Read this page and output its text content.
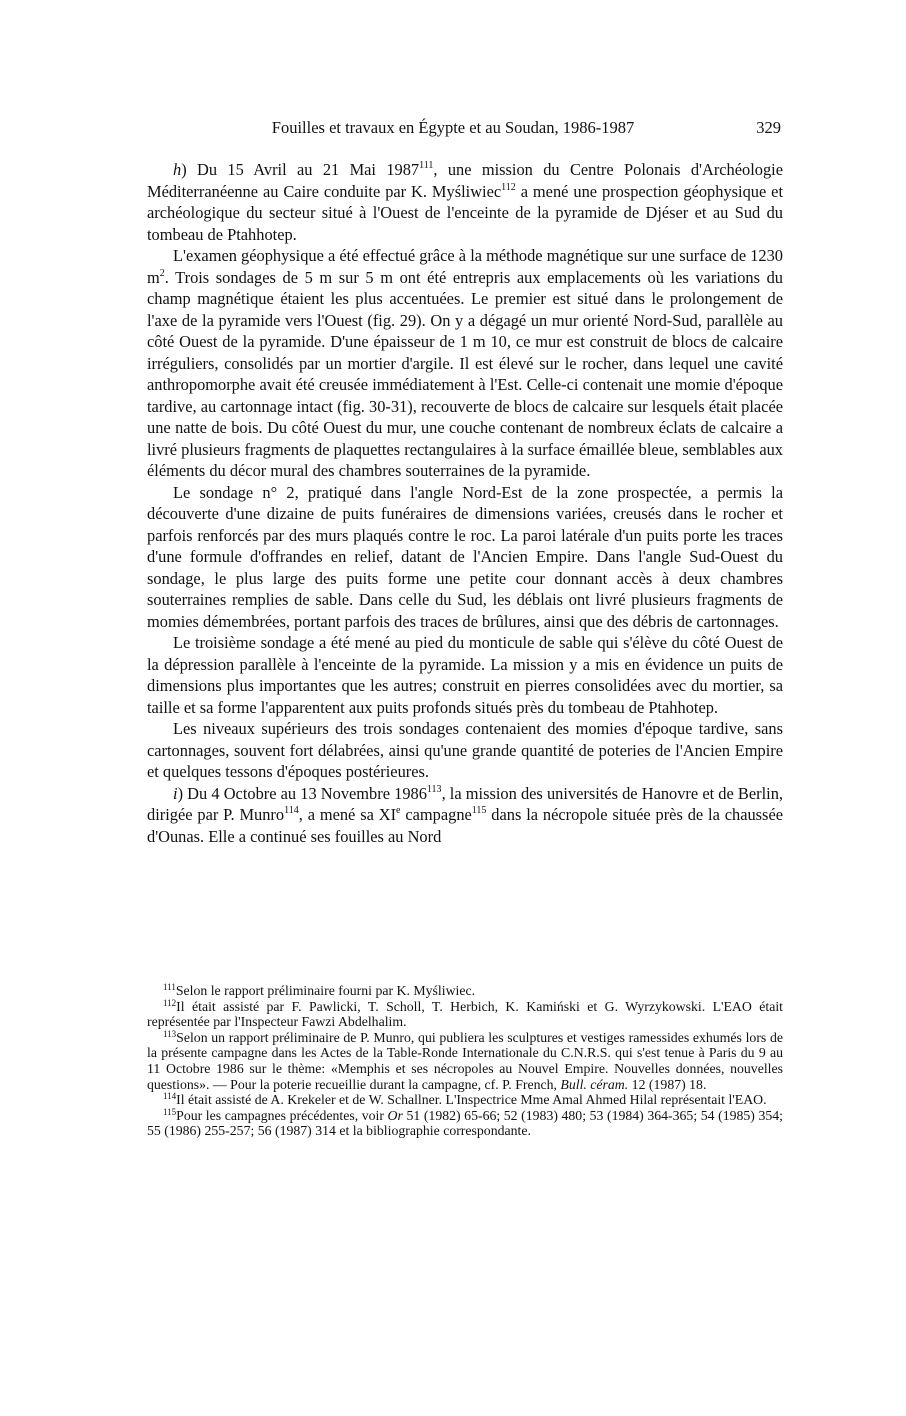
Fouilles et travaux en Égypte et au Soudan, 1986-1987	329

h) Du 15 Avril au 21 Mai 1987$^{111}$, une mission du Centre Polonais d'Archéologie Méditerranéenne au Caire conduite par K. Myśliwiec$^{112}$ a mené une prospection géophysique et archéologique du secteur situé à l'Ouest de l'enceinte de la pyramide de Djéser et au Sud du tombeau de Ptahhotep.

L'examen géophysique a été effectué grâce à la méthode magnétique sur une surface de 1230 $m^2$. Trois sondages de 5 m sur 5 m ont été entrepris aux emplacements où les variations du champ magnétique étaient les plus accentuées. Le premier est situé dans le prolongement de l'axe de la pyramide vers l'Ouest (fig. 29). On y a dégagé un mur orienté Nord-Sud, parallèle au côté Ouest de la pyramide. D'une épaisseur de 1 m 10, ce mur est construit de blocs de calcaire irréguliers, consolidés par un mortier d'argile. Il est élevé sur le rocher, dans lequel une cavité anthropomorphe avait été creusée immédiatement à l'Est. Celle-ci contenait une momie d'époque tardive, au cartonnage intact (fig. 30-31), recouverte de blocs de calcaire sur lesquels était placée une natte de bois. Du côté Ouest du mur, une couche contenant de nombreux éclats de calcaire a livré plusieurs fragments de plaquettes rectangulaires à la surface émaillée bleue, semblables aux éléments du décor mural des chambres souterraines de la pyramide.

Le sondage n° 2, pratiqué dans l'angle Nord-Est de la zone prospectée, a permis la découverte d'une dizaine de puits funéraires de dimensions variées, creusés dans le rocher et parfois renforcés par des murs plaqués contre le roc. La paroi latérale d'un puits porte les traces d'une formule d'offrandes en relief, datant de l'Ancien Empire. Dans l'angle Sud-Ouest du sondage, le plus large des puits forme une petite cour donnant accès à deux chambres souterraines remplies de sable. Dans celle du Sud, les déblais ont livré plusieurs fragments de momies démembrées, portant parfois des traces de brûlures, ainsi que des débris de cartonnages.

Le troisième sondage a été mené au pied du monticule de sable qui s'élève du côté Ouest de la dépression parallèle à l'enceinte de la pyramide. La mission y a mis en évidence un puits de dimensions plus importantes que les autres; construit en pierres consolidées avec du mortier, sa taille et sa forme l'apparentent aux puits profonds situés près du tombeau de Ptahhotep.

Les niveaux supérieurs des trois sondages contenaient des momies d'époque tardive, sans cartonnages, souvent fort délabrées, ainsi qu'une grande quantité de poteries de l'Ancien Empire et quelques tessons d'époques postérieures.

i) Du 4 Octobre au 13 Novembre 1986$^{113}$, la mission des universités de Hanovre et de Berlin, dirigée par P. Munro$^{114}$, a mené sa XIe campagne$^{115}$ dans la nécropole située près de la chaussée d'Ounas. Elle a continué ses fouilles au Nord

$^{111}$Selon le rapport préliminaire fourni par K. Myśliwiec.

$^{112}$Il était assisté par F. Pawlicki, T. Scholl, T. Herbich, K. Kamiński et G. Wyrzykowski. L'EAO était représentée par l'Inspecteur Fawzi Abdelhalim.

$^{113}$Selon un rapport préliminaire de P. Munro, qui publiera les sculptures et vestiges ramessides exhumés lors de la présente campagne dans les Actes de la Table-Ronde Internationale du C.N.R.S. qui s'est tenue à Paris du 9 au 11 Octobre 1986 sur le thème: «Memphis et ses nécropoles au Nouvel Empire. Nouvelles données, nouvelles questions». — Pour la poterie recueillie durant la campagne, cf. P. French, Bull. céram. 12 (1987) 18.

$^{114}$Il était assisté de A. Krekeler et de W. Schallner. L'Inspectrice Mme Amal Ahmed Hilal représentait l'EAO.

$^{115}$Pour les campagnes précédentes, voir Or 51 (1982) 65-66; 52 (1983) 480; 53 (1984) 364-365; 54 (1985) 354; 55 (1986) 255-257; 56 (1987) 314 et la bibliographie correspondante.
